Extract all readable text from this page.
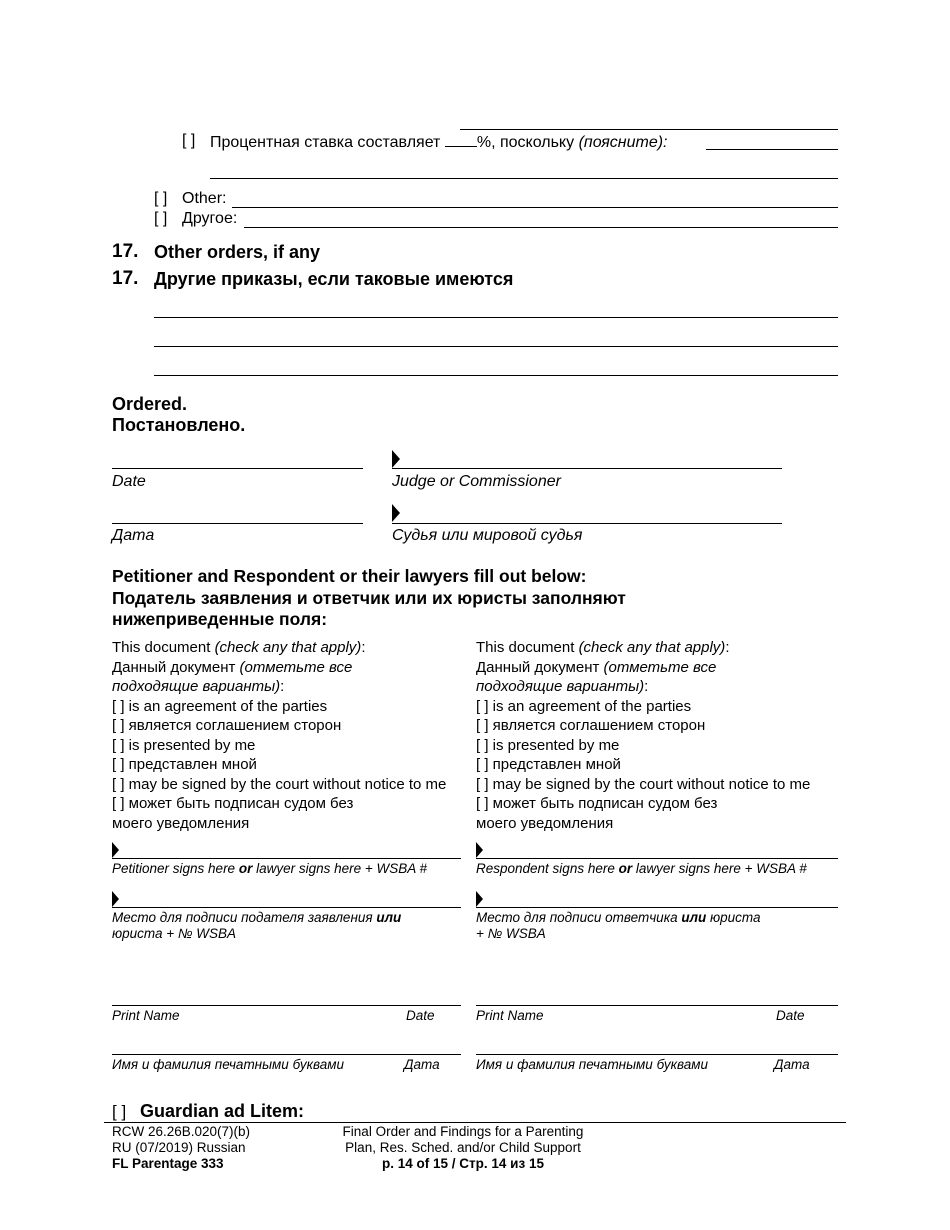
[ ] Процентная ставка составляет %, поскольку (поясните):
[ ] Other:
[ ] Другое:
17. Other orders, if any
17. Другие приказы, если таковые имеются
Ordered.
Постановлено.
Date	Judge or Commissioner
Дата	Судья или мировой судья
Petitioner and Respondent or their lawyers fill out below:
Податель заявления и ответчик или их юристы заполняют
нижеприведенные поля:

This document (check any that apply):

Данный документ (отметьте все

подходящие варианты):

[ ] is an agreement of the parties

[ ] является соглашением сторон

[ ] is presented by me

[ ] представлен мной

[ ] may be signed by the court without notice to me

[ ] может быть подписан судом без

моего уведомления

This document (check any that apply):

Данный документ (отметьте все

подходящие варианты):

[ ] is an agreement of the parties

[ ] является соглашением сторон

[ ] is presented by me

[ ] представлен мной

[ ] may be signed by the court without notice to me

[ ] может быть подписан судом без

моего уведомления

Petitioner signs here or lawyer signs here + WSBA #
Место для подписи подателя заявления или
юриста + № WSBA
Respondent signs here or lawyer signs here + WSBA #
Место для подписи ответчика или юриста
+ № WSBA
Print Name	Date	Print Name	Date
Имя и фамилия печатными буквами	Дата	Имя и фамилия печатными буквами	Дата
[ ] Guardian ad Litem:
RCW 26.26B.020(7)(b)
RU (07/2019) Russian
FL Parentage 333
Final Order and Findings for a Parenting
Plan, Res. Sched. and/or Child Support
p. 14 of 15 / Стр. 14 из 15
